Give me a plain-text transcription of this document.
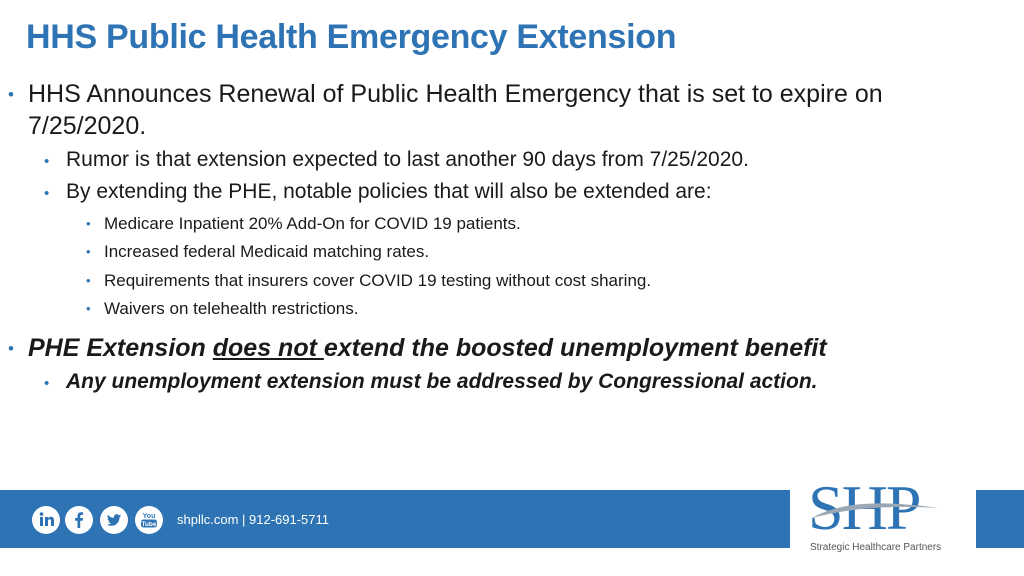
HHS Public Health Emergency Extension
• HHS Announces Renewal of Public Health Emergency that is set to expire on
7/25/2020.
• Rumor is that extension expected to last another 90 days from 7/25/2020.
• By extending the PHE, notable policies that will also be extended are:
• Medicare Inpatient 20% Add-On for COVID 19 patients.
• Increased federal Medicaid matching rates.
• Requirements that insurers cover COVID 19 testing without cost sharing.
• Waivers on telehealth restrictions.
• PHE Extension does not extend the boosted unemployment benefit
• Any unemployment extension must be addressed by Congressional action.
You
Tube shpllc.com | 912-691-5711	SHP
Strategic Healthcare Partners
